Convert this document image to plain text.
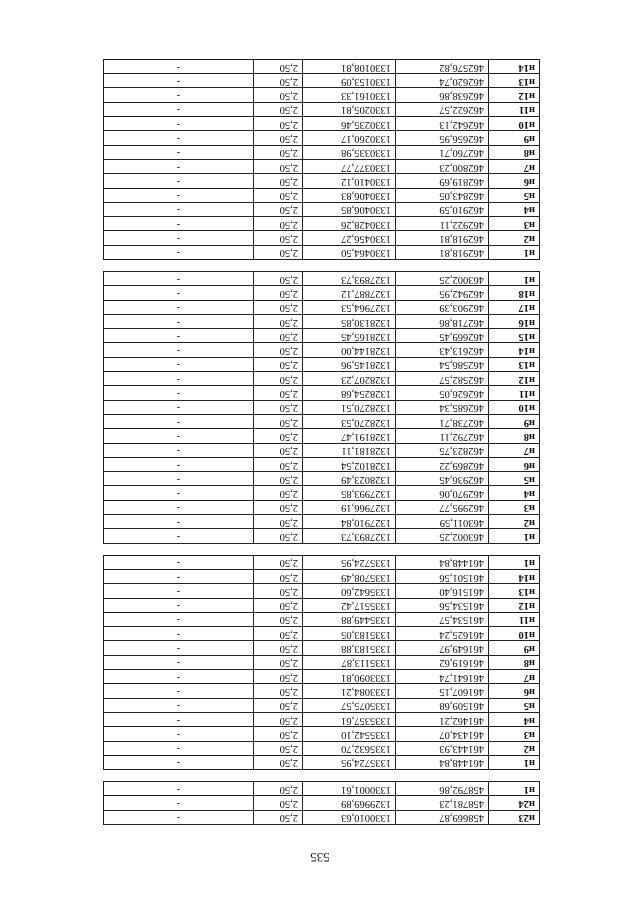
н23	458669,87	1330010,63	2,50	-
н24	458781,23	1329969,89	2,50	-
н1	458792,86	1330001,61	2,50	-

н1	461448,84	1335724,95	2,50	-
н2	461443,93	1335632,70	2,50	-
н3	461434,07	1335542,10	2,50	-
н4	461462,21	1335357,61	2,50	-
н5	461509,68	1335075,57	2,50	-
н6	461607,15	1333084,21	2,50	-
н7	461641,74	1333090,81	2,50	-
н8	461619,62	1335113,87	2,50	-
н9	461649,97	1335183,88	2,50	-
н10	461625,24	1335183,05	2,50	-
н11	461534,57	1335449,88	2,50	-
н12	461534,56	1335517,42	2,50	-
н13	461516,40	1335642,60	2,50	-
н14	461501,56	1335708,49	2,50	-
н1	461448,84	1335724,95	2,50	-

н1	463002,25	1327893,73	2,50	-
н2	463011,59	1327910,84	2,50	-
н3	462995,77	1327966,19	2,50	-
н4	462970,06	1327993,85	2,50	-
н5	462936,45	1328023,49	2,50	-
н6	462869,22	1328102,54	2,50	-
н7	462823,75	1328181,11	2,50	-
н8	462792,11	1328191,47	2,50	-
н9	462738,71	1328270,53	2,50	-
н10	462685,34	1328270,51	2,50	-
н11	462626,05	1328254,68	2,50	-
н12	462582,57	1328207,23	2,50	-
н13	462586,54	1328145,96	2,50	-
н14	462613,43	1328144,00	2,50	-
н15	462669,45	1328165,45	2,50	-
н16	462718,86	1328130,85	2,50	-
н17	462903,39	1327964,53	2,50	-
н18	462942,95	1327887,12	2,50	-
н1	463002,25	1327893,73	2,50	-

н1	462918,81	1330464,50	2,50	-
н2	462918,81	1330456,27	2,50	-
н3	462922,11	1330428,26	2,50	-
н4	462910,59	1330406,85	2,50	-
н5	462843,05	1330406,83	2,50	-
н6	462819,69	1330410,12	2,50	-
н7	462800,23	1330377,77	2,50	-
н8	462760,71	1330335,98	2,50	-
н9	462656,95	1330260,17	2,50	-
н10	462642,13	1330235,46	2,50	-
н11	462622,57	1330205,81	2,50	-
н12	462638,86	1330161,33	2,50	-
н13	462620,74	1330153,09	2,50	-
н14	462576,82	1330108,81	2,50	-
535
